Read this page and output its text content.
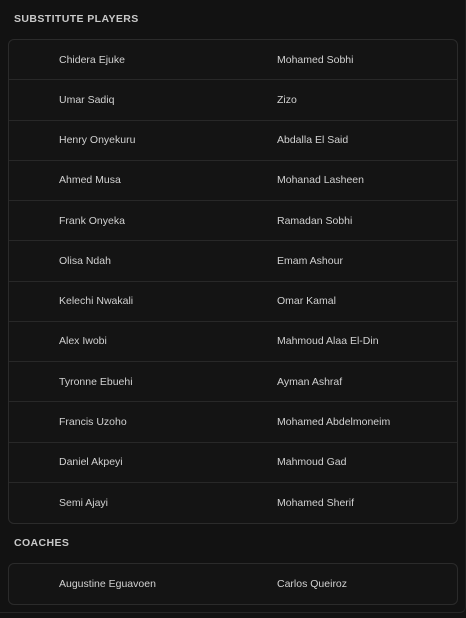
SUBSTITUTE PLAYERS
Chidera Ejuke	Mohamed Sobhi
Umar Sadiq	Zizo
Henry Onyekuru	Abdalla El Said
Ahmed Musa	Mohanad Lasheen
Frank Onyeka	Ramadan Sobhi
Olisa Ndah	Emam Ashour
Kelechi Nwakali	Omar Kamal
Alex Iwobi	Mahmoud Alaa El-Din
Tyronne Ebuehi	Ayman Ashraf
Francis Uzoho	Mohamed Abdelmoneim
Daniel Akpeyi	Mahmoud Gad
Semi Ajayi	Mohamed Sherif
COACHES
Augustine Eguavoen	Carlos Queiroz
